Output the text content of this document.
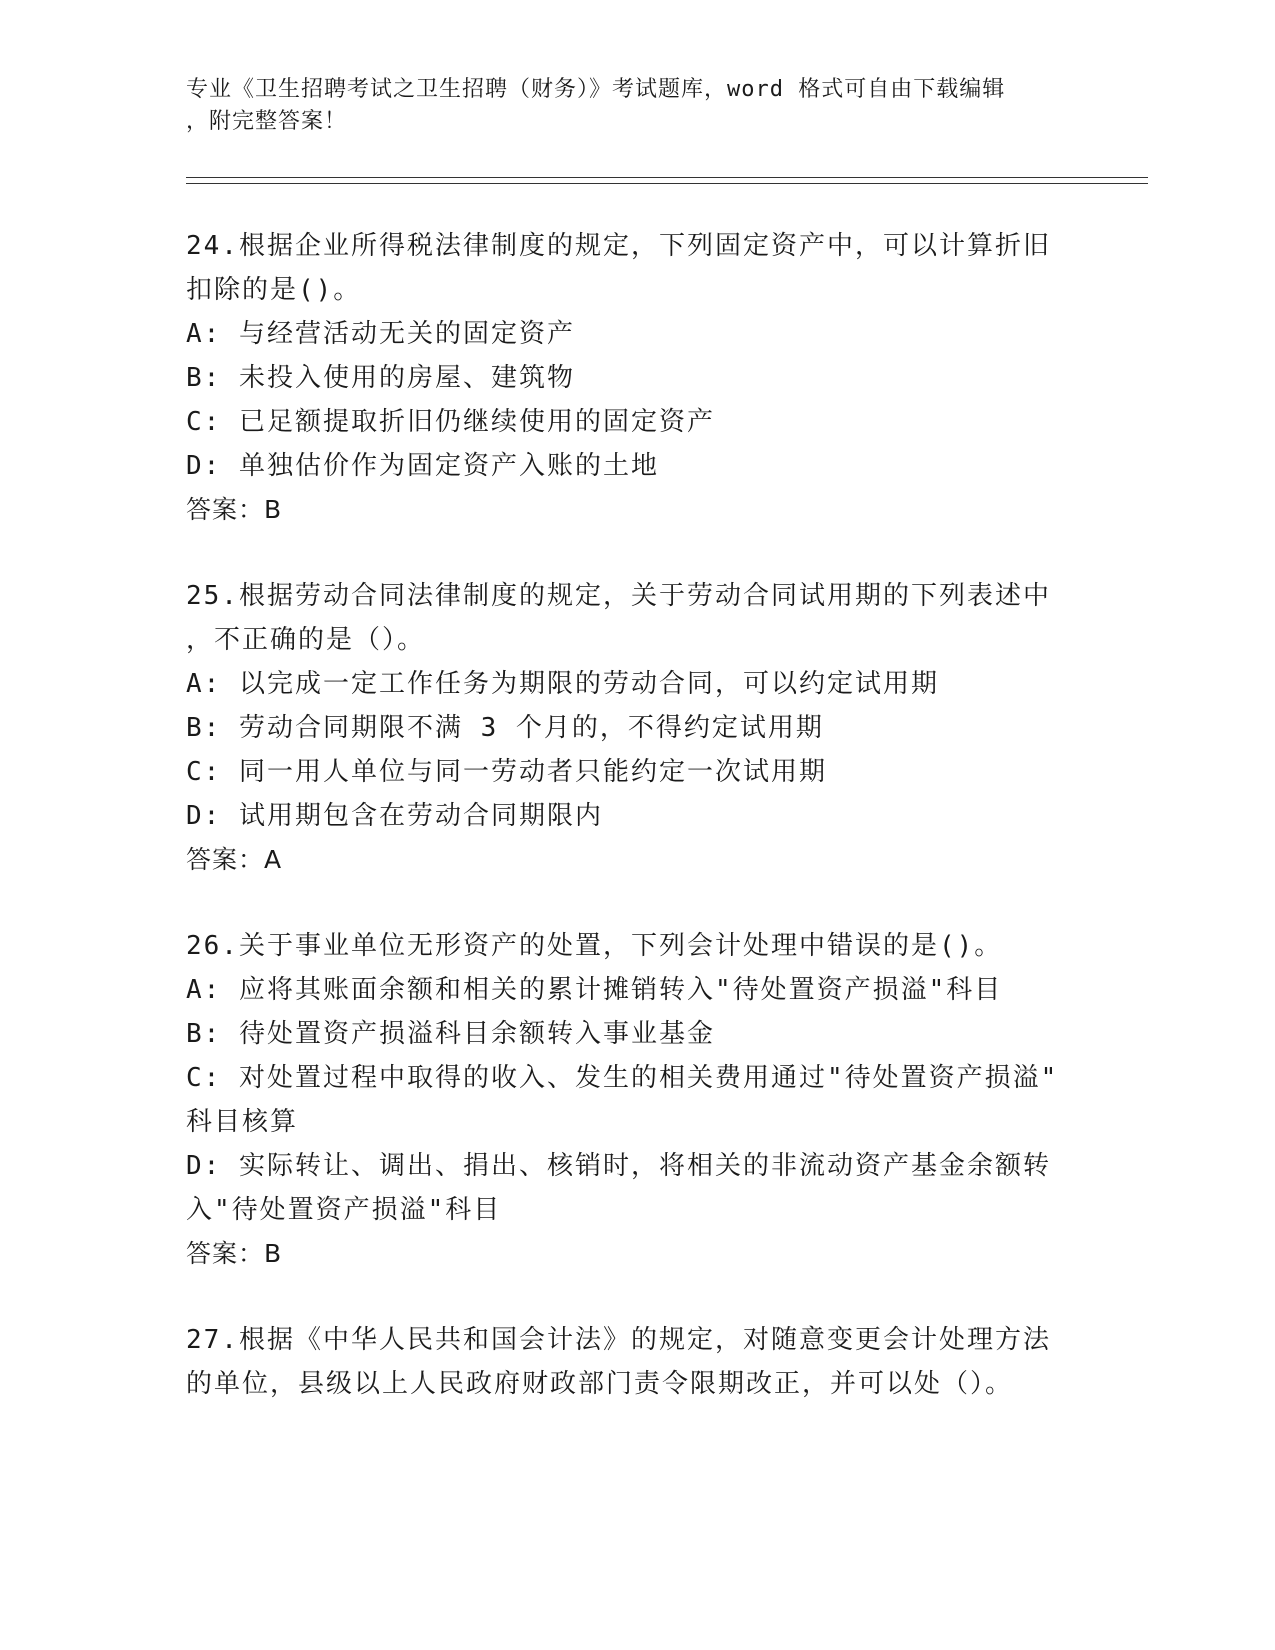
专业《卫生招聘考试之卫生招聘（财务）》考试题库，word 格式可自由下载编辑
，附完整答案！
24.根据企业所得税法律制度的规定，下列固定资产中，可以计算折旧
扣除的是()。
A: 与经营活动无关的固定资产
B: 未投入使用的房屋、建筑物
C: 已足额提取折旧仍继续使用的固定资产
D: 单独估价作为固定资产入账的土地
答案：B
25.根据劳动合同法律制度的规定，关于劳动合同试用期的下列表述中
，不正确的是（）。
A: 以完成一定工作任务为期限的劳动合同，可以约定试用期
B: 劳动合同期限不满 3 个月的，不得约定试用期
C: 同一用人单位与同一劳动者只能约定一次试用期
D: 试用期包含在劳动合同期限内
答案：A
26.关于事业单位无形资产的处置，下列会计处理中错误的是()。
A: 应将其账面余额和相关的累计摊销转入"待处置资产损溢"科目
B: 待处置资产损溢科目余额转入事业基金
C: 对处置过程中取得的收入、发生的相关费用通过"待处置资产损溢"
科目核算
D: 实际转让、调出、捐出、核销时，将相关的非流动资产基金余额转
入"待处置资产损溢"科目
答案：B
27.根据《中华人民共和国会计法》的规定，对随意变更会计处理方法
的单位，县级以上人民政府财政部门责令限期改正，并可以处（）。
